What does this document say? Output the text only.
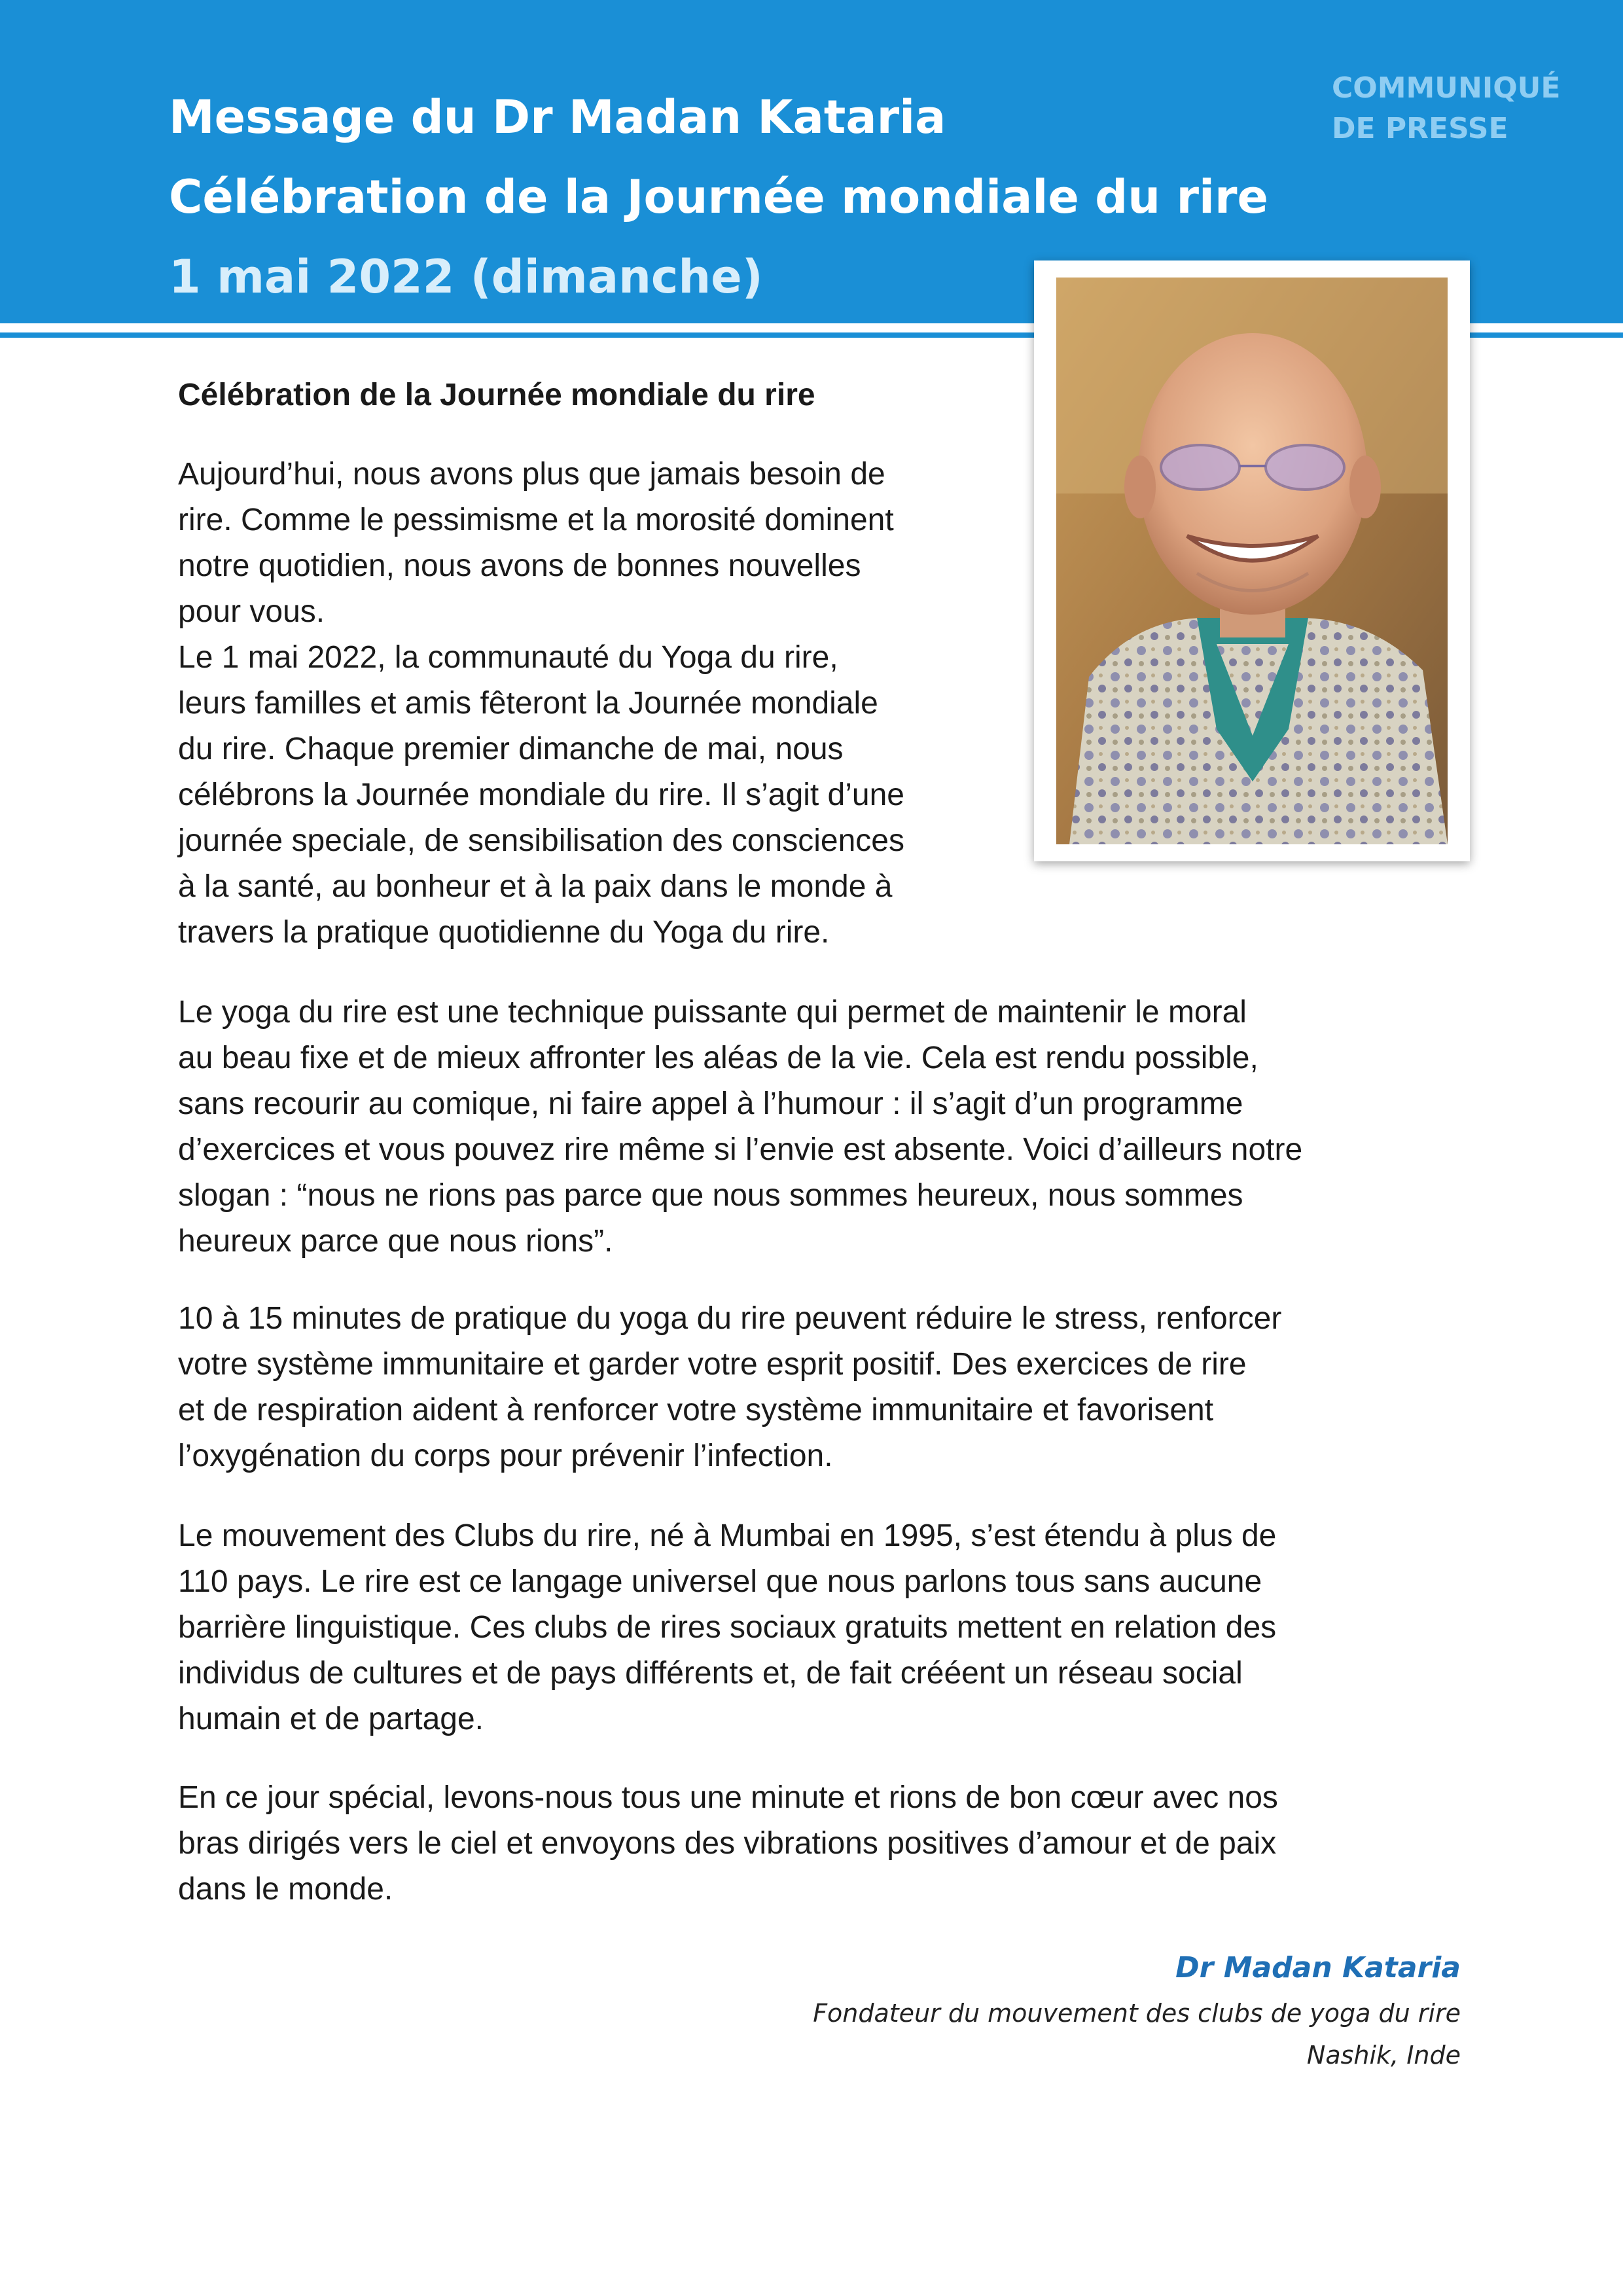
Message du Dr Madan Kataria
Célébration de la Journée mondiale du rire
1 mai 2022 (dimanche)
COMMUNIQUÉ
DE PRESSE
Célébration de la Journée mondiale du rire
Aujourd’hui, nous avons plus que jamais besoin de
rire. Comme le pessimisme et la morosité dominent
notre quotidien, nous avons de bonnes nouvelles
pour vous.
Le 1 mai 2022, la communauté du Yoga du rire,
leurs familles et amis fêteront la Journée mondiale
du rire. Chaque premier dimanche de mai, nous
célébrons la Journée mondiale du rire. Il s’agit d’une
journée speciale, de sensibilisation des consciences
à la santé, au bonheur et à la paix dans le monde à
travers la pratique quotidienne du Yoga du rire.
Le yoga du rire est une technique puissante qui permet de maintenir le moral
au beau fixe et de mieux affronter les aléas de la vie. Cela est rendu possible,
sans recourir au comique, ni faire appel à l’humour : il s’agit d’un programme
d’exercices et vous pouvez rire même si l’envie est absente. Voici d’ailleurs notre
slogan : “nous ne rions pas parce que nous sommes heureux, nous sommes
heureux parce que nous rions”.
10 à 15 minutes de pratique du yoga du rire peuvent réduire le stress, renforcer
votre système immunitaire et garder votre esprit positif. Des exercices de rire
et de respiration aident à renforcer votre système immunitaire et favorisent
l’oxygénation du corps pour prévenir l’infection.
Le mouvement des Clubs du rire, né à Mumbai en 1995, s’est étendu à plus de
110 pays. Le rire est ce langage universel que nous parlons tous sans aucune
barrière linguistique. Ces clubs de rires sociaux gratuits mettent en relation des
individus de cultures et de pays différents et, de fait crééent un réseau social
humain et de partage.
En ce jour spécial, levons-nous tous une minute et rions de bon cœur avec nos
bras dirigés vers le ciel et envoyons des vibrations positives d’amour et de paix
dans le monde.
Dr Madan Kataria
Fondateur du mouvement des clubs de yoga du rire
Nashik, Inde
